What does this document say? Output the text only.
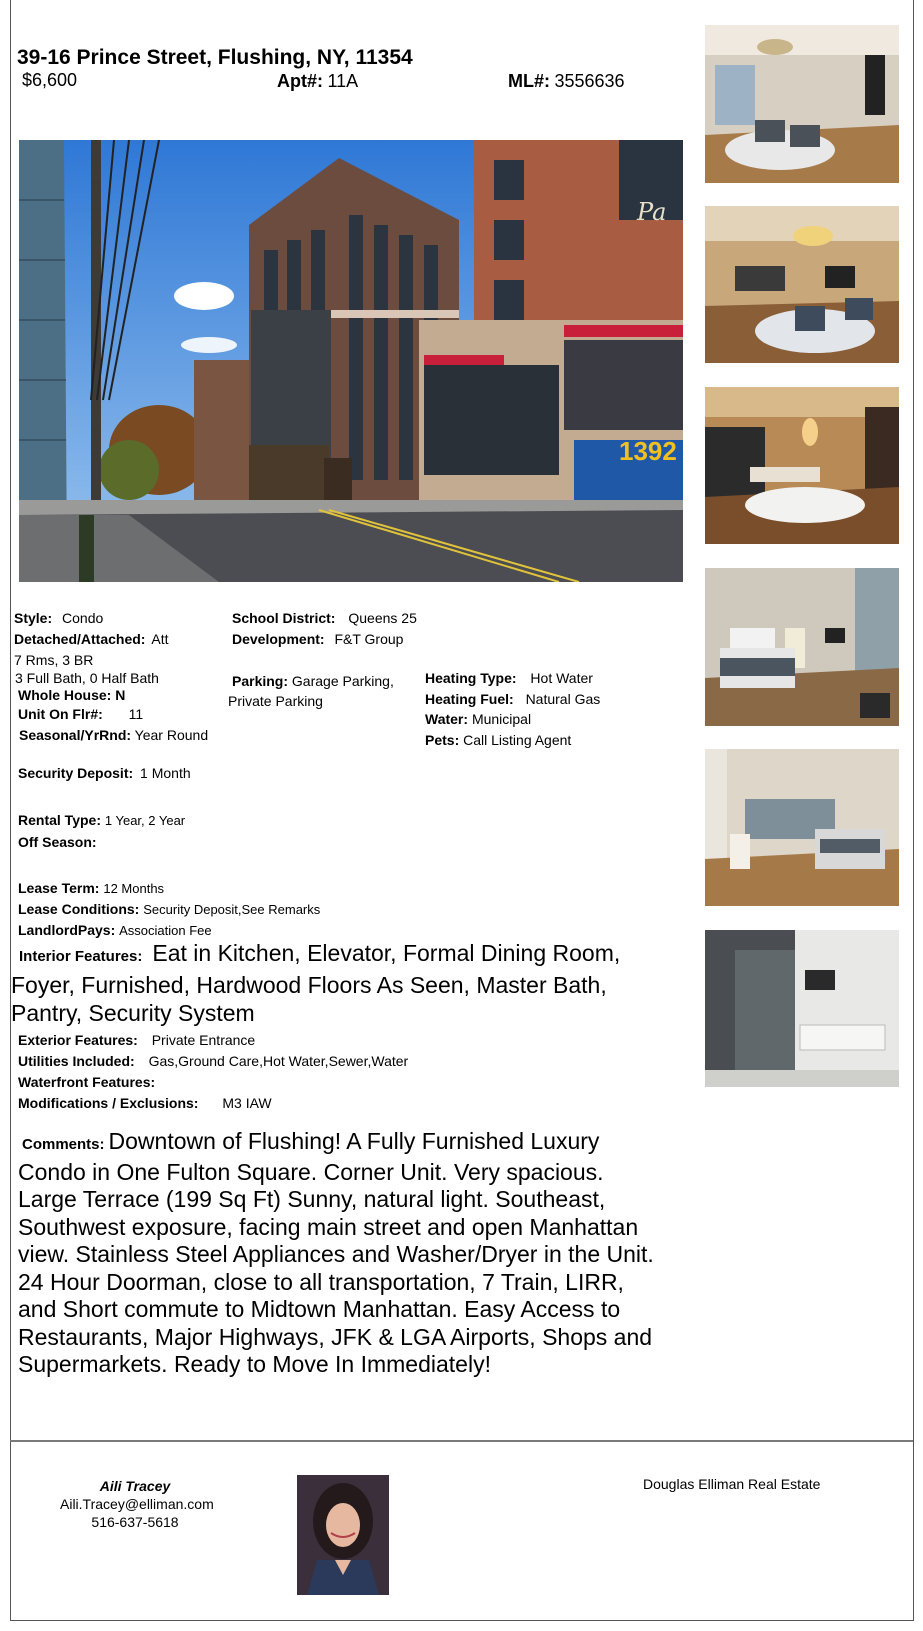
39-16 Prince Street, Flushing, NY, 11354
$6,600	Apt#: 11A	ML#: 3556636
Pa
1392
Style: Condo
Detached/Attached: Att
7 Rms, 3 BR
3 Full Bath, 0 Half Bath
Whole House: N
Unit On Flr#: 11
Seasonal/YrRnd: Year Round
Security Deposit: 1 Month
Rental Type: 1 Year, 2 Year
Off Season:
Lease Term: 12 Months
Lease Conditions: Security Deposit,See Remarks
LandlordPays: Association Fee
School District: Queens 25
Development: F&T Group
Parking: Garage Parking, Private Parking
Heating Type: Hot Water
Heating Fuel: Natural Gas
Water: Municipal
Pets: Call Listing Agent
Interior Features: Eat in Kitchen, Elevator, Formal Dining Room, Foyer, Furnished, Hardwood Floors As Seen, Master Bath, Pantry, Security System
Exterior Features: Private Entrance
Utilities Included: Gas,Ground Care,Hot Water,Sewer,Water
Waterfront Features:
Modifications / Exclusions: M3 IAW
Comments: Downtown of Flushing! A Fully Furnished Luxury Condo in One Fulton Square. Corner Unit. Very spacious. Large Terrace (199 Sq Ft) Sunny, natural light. Southeast, Southwest exposure, facing main street and open Manhattan view. Stainless Steel Appliances and Washer/Dryer in the Unit. 24 Hour Doorman, close to all transportation, 7 Train, LIRR, and Short commute to Midtown Manhattan. Easy Access to Restaurants, Major Highways, JFK & LGA Airports, Shops and Supermarkets. Ready to Move In Immediately!
Aili Tracey
Aili.Tracey@elliman.com
516-637-5618
Douglas Elliman Real Estate
